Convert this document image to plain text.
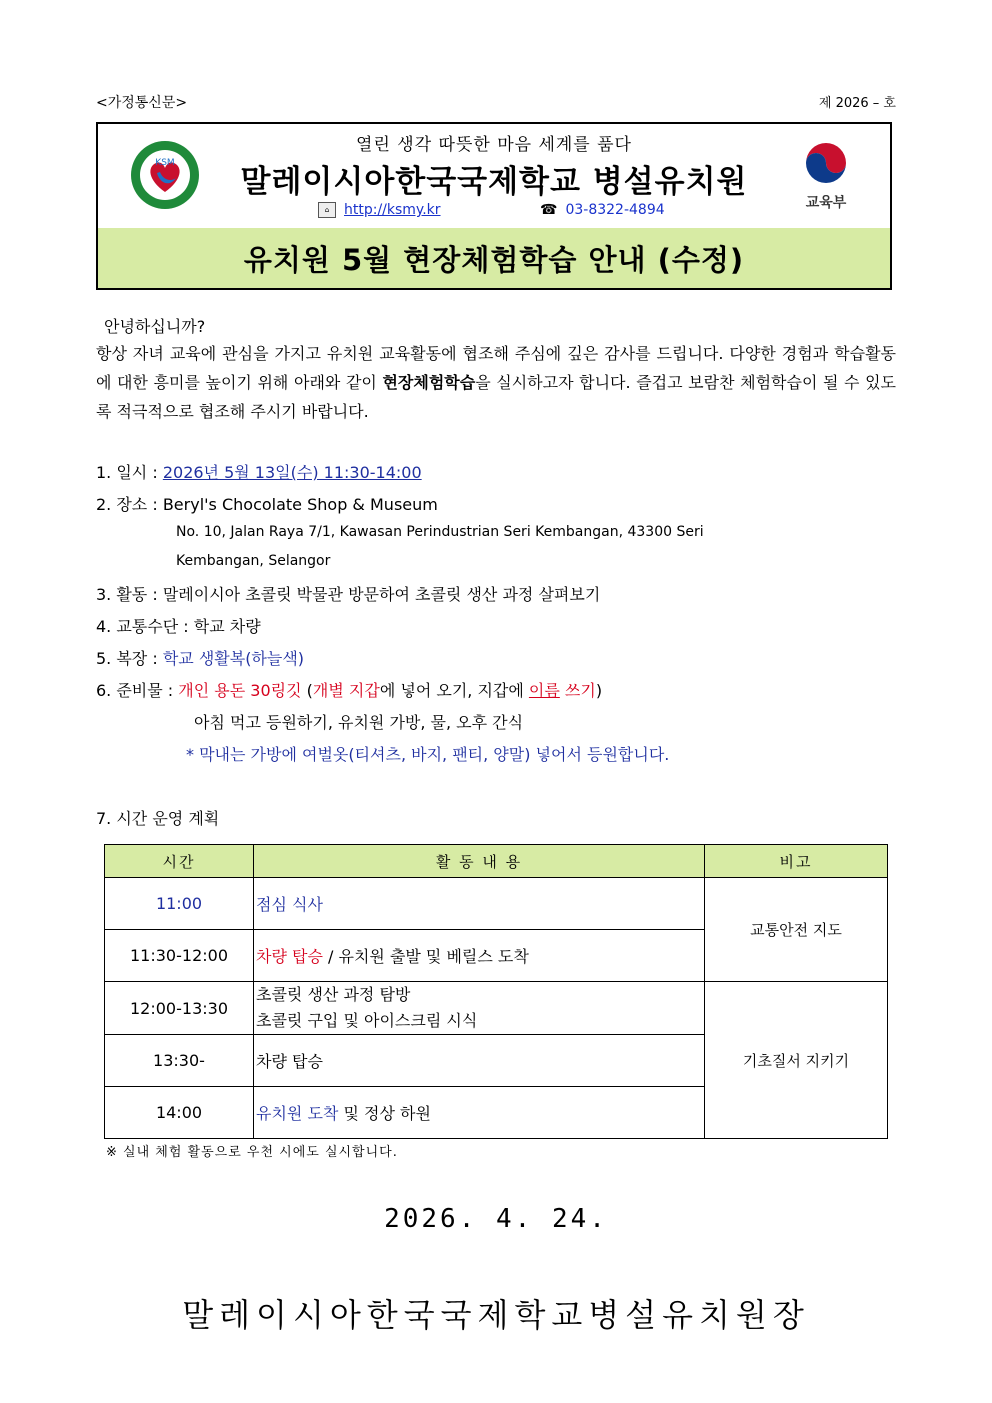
<가정통신문>	제 2026 – 호
KSM
열린 생각 따뜻한 마음 세계를 품다
말레이시아한국국제학교 병설유치원
⌂ http://ksmy.kr	☎ 03-8322-4894	교육부
유치원 5월 현장체험학습 안내 (수정)
안녕하십니까?
항상 자녀 교육에 관심을 가지고 유치원 교육활동에 협조해 주심에 깊은 감사를 드립니다. 다양한 경험과 학습활동에 대한 흥미를 높이기 위해 아래와 같이 현장체험학습을 실시하고자 합니다. 즐겁고 보람찬 체험학습이 될 수 있도록 적극적으로 협조해 주시기 바랍니다.
1. 일시 : 2026년 5월 13일(수) 11:30-14:00
2. 장소 : Beryl's Chocolate Shop & Museum
No. 10, Jalan Raya 7/1, Kawasan Perindustrian Seri Kembangan, 43300 Seri
Kembangan, Selangor
3. 활동 : 말레이시아 초콜릿 박물관 방문하여 초콜릿 생산 과정 살펴보기
4. 교통수단 : 학교 차량
5. 복장 : 학교 생활복(하늘색)
6. 준비물 : 개인 용돈 30링깃 (개별 지갑에 넣어 오기, 지갑에 이름 쓰기)
아침 먹고 등원하기, 유치원 가방, 물, 오후 간식
* 막내는 가방에 여벌옷(티셔츠, 바지, 팬티, 양말) 넣어서 등원합니다.
7. 시간 운영 계획
시간	활 동 내 용	비고
11:00	점심 식사	교통안전 지도
11:30-12:00	차량 탑승 / 유치원 출발 및 베릴스 도착	
12:00-13:30	초콜릿 생산 과정 탐방
초콜릿 구입 및 아이스크림 시식	기초질서 지키기
13:30-	차량 탑승	
14:00	유치원 도착 및 정상 하원	
※ 실내 체험 활동으로 우천 시에도 실시합니다.
2026. 4. 24.
말레이시아한국국제학교병설유치원장
